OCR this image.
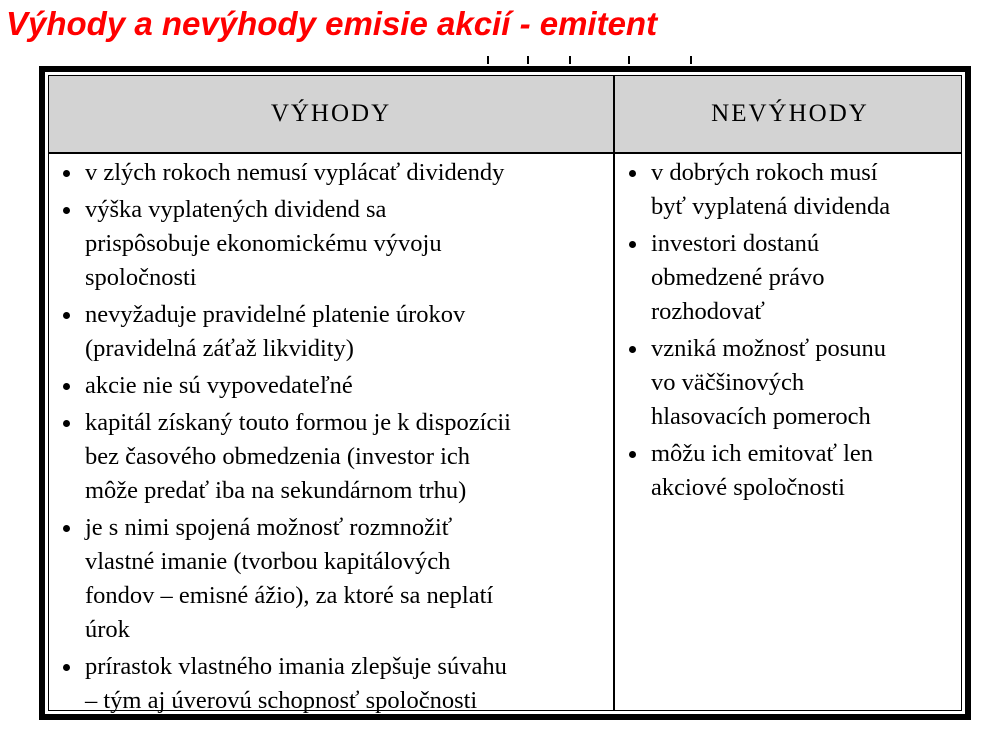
Výhody a nevýhody emisie akcií - emitent
VÝHODY	NEVÝHODY
v zlých rokoch nemusí vyplácať dividendy
výška vyplatených dividend sa
prispôsobuje ekonomickému vývoju
spoločnosti
nevyžaduje pravidelné platenie úrokov
(pravidelná záťaž likvidity)
akcie nie sú vypovedateľné
kapitál získaný touto formou je k dispozícii
bez časového obmedzenia (investor ich
môže predať iba na sekundárnom trhu)
je s nimi spojená možnosť rozmnožiť
vlastné imanie (tvorbou kapitálových
fondov – emisné ážio), za ktoré sa neplatí
úrok
prírastok vlastného imania zlepšuje súvahu
– tým aj úverovú schopnosť spoločnosti
v dobrých rokoch musí
byť vyplatená dividenda
investori dostanú
obmedzené právo
rozhodovať
vzniká možnosť posunu
vo väčšinových
hlasovacích pomeroch
môžu ich emitovať len
akciové spoločnosti
